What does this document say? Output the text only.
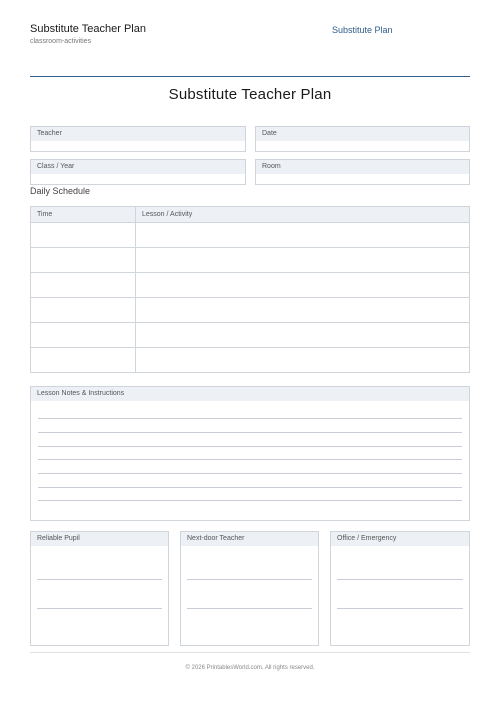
Substitute Teacher Plan
classroom-activities
Substitute Plan
Substitute Teacher Plan
Teacher	Date
Class / Year	Room
Daily Schedule
Time	Lesson / Activity

Lesson Notes & Instructions
Reliable Pupil	Next-door Teacher	Office / Emergency
© 2026 PrintablesWorld.com. All rights reserved.
